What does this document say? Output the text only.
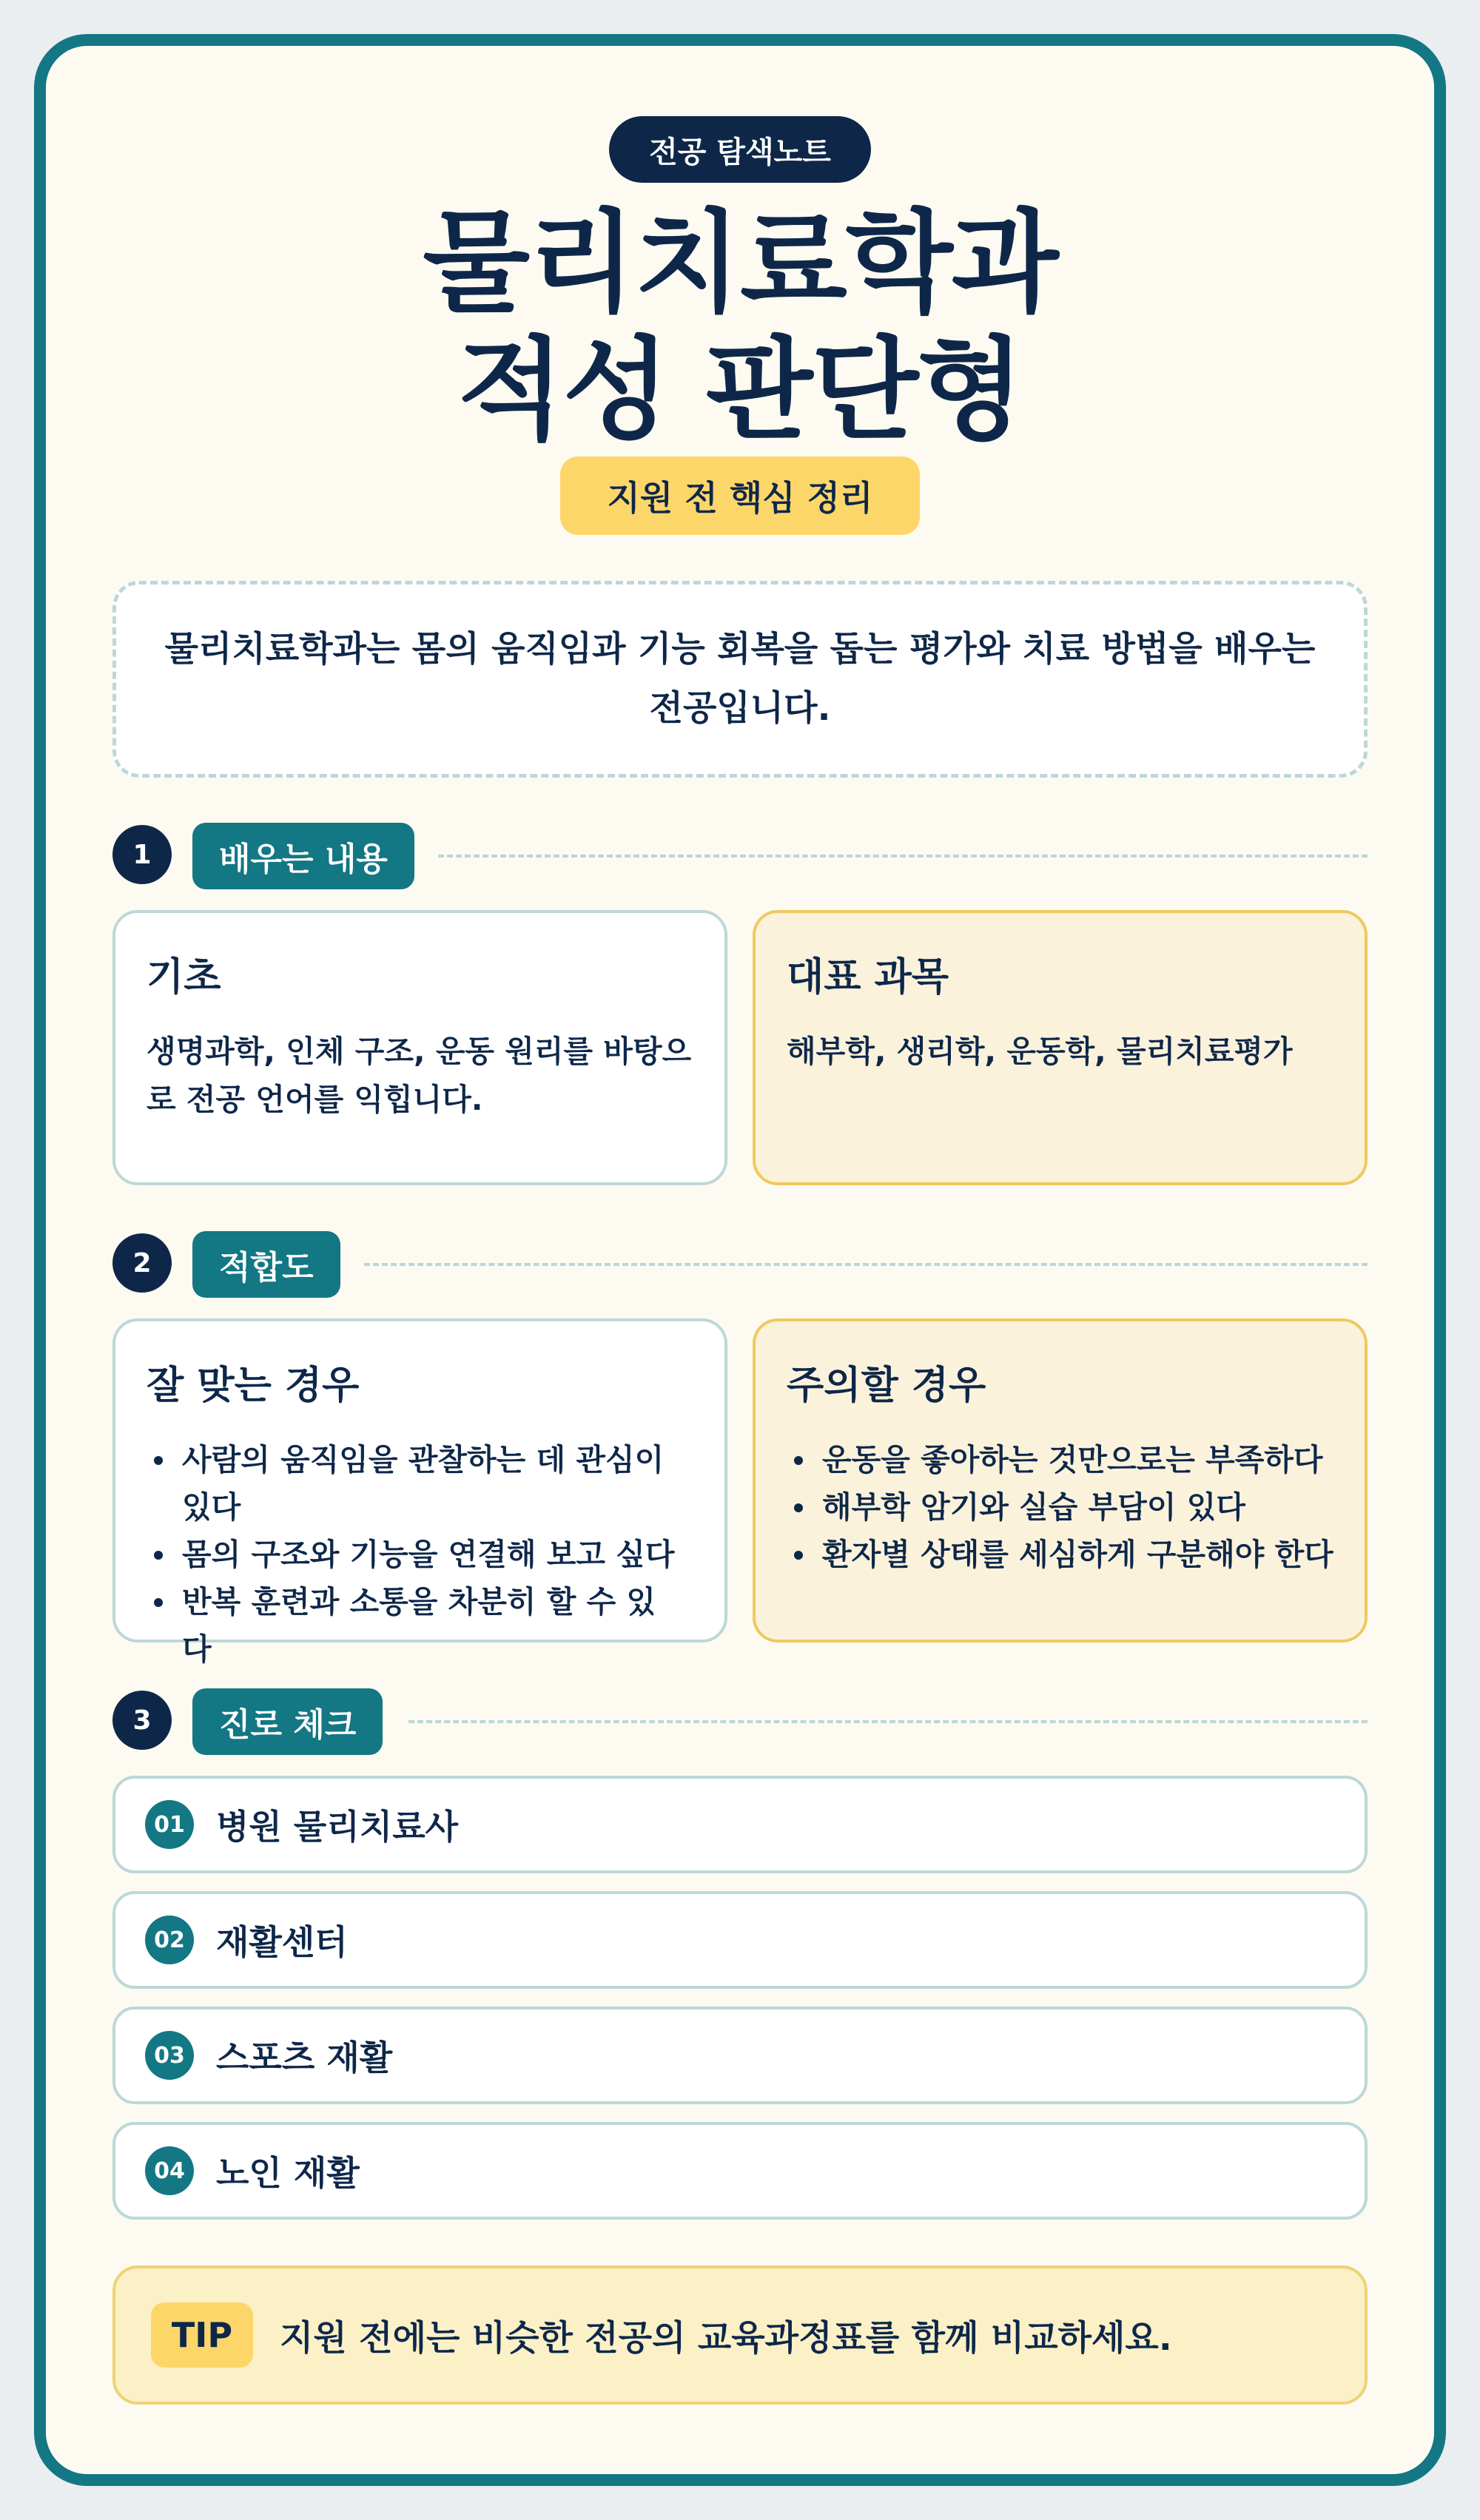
전공 탐색노트
물리치료학과
적성 판단형
지원 전 핵심 정리
물리치료학과는 몸의 움직임과 기능 회복을 돕는 평가와 치료 방법을 배우는 전공입니다.
1	배우는 내용
기초

생명과학, 인체 구조, 운동 원리를 바탕으로 전공 언어를 익힙니다.

대표 과목

해부학, 생리학, 운동학, 물리치료평가

2	적합도
잘 맞는 경우
사람의 움직임을 관찰하는 데 관심이 있다
몸의 구조와 기능을 연결해 보고 싶다
반복 훈련과 소통을 차분히 할 수 있다
주의할 경우
운동을 좋아하는 것만으로는 부족하다
해부학 암기와 실습 부담이 있다
환자별 상태를 세심하게 구분해야 한다
3	진로 체크
01 병원 물리치료사
02 재활센터
03 스포츠 재활
04 노인 재활
TIP	지원 전에는 비슷한 전공의 교육과정표를 함께 비교하세요.
